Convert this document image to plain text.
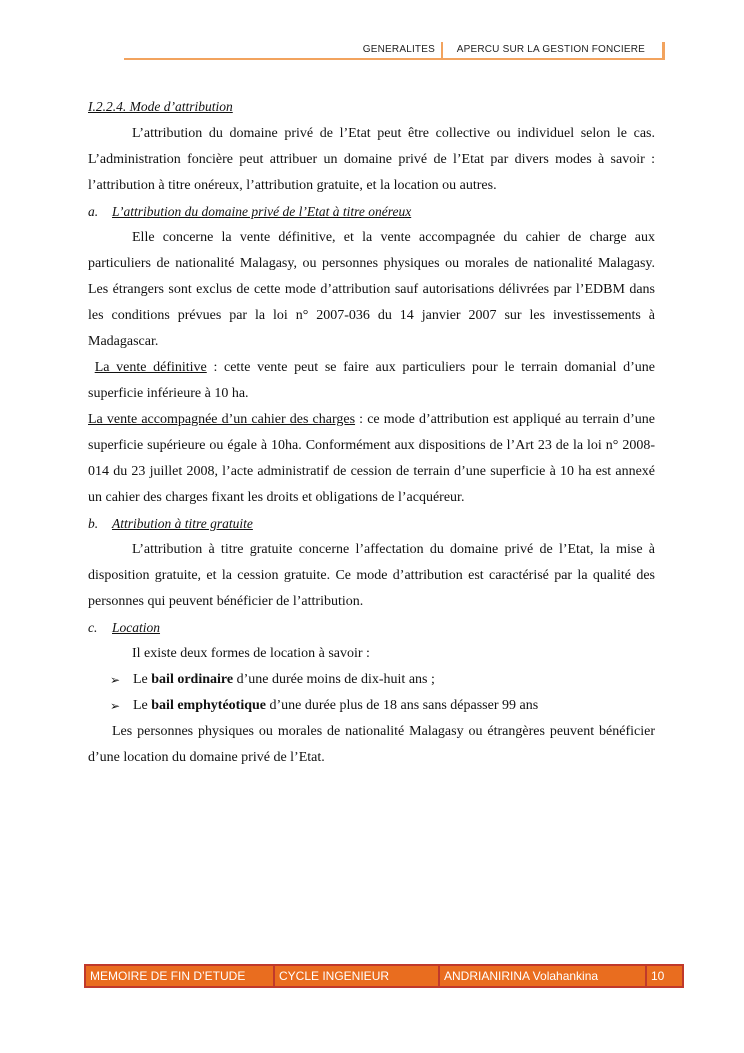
GENERALITES APERCU SUR LA GESTION FONCIERE

I.2.2.4. Mode d’attribution

L’attribution du domaine privé de l’Etat peut être collective ou individuel selon le cas. L’administration foncière peut attribuer un domaine privé de l’Etat par divers modes à savoir : l’attribution à titre onéreux, l’attribution gratuite, et la location ou autres.

a. L’attribution du domaine privé de l’Etat à titre onéreux

Elle concerne la vente définitive, et la vente accompagnée du cahier de charge aux particuliers de nationalité Malagasy, ou personnes physiques ou morales de nationalité Malagasy. Les étrangers sont exclus de cette mode d’attribution sauf autorisations délivrées par l’EDBM dans les conditions prévues par la loi n° 2007-036 du 14 janvier 2007 sur les investissements à Madagascar.

La vente définitive : cette vente peut se faire aux particuliers pour le terrain domanial d’une superficie inférieure à 10 ha.

La vente accompagnée d’un cahier des charges : ce mode d’attribution est appliqué au terrain d’une superficie supérieure ou égale à 10ha. Conformément aux dispositions de l’Art 23 de la loi n° 2008-014 du 23 juillet 2008, l’acte administratif de cession de terrain d’une superficie à 10 ha est annexé un cahier des charges fixant les droits et obligations de l’acquéreur.

b. Attribution à titre gratuite

L’attribution à titre gratuite concerne l’affectation du domaine privé de l’Etat, la mise à disposition gratuite, et la cession gratuite. Ce mode d’attribution est caractérisé par la qualité des personnes qui peuvent bénéficier de l’attribution.

c. Location

Il existe deux formes de location à savoir :

➢ Le bail ordinaire d’une durée moins de dix-huit ans ;
➢ Le bail emphytéotique d’une durée plus de 18 ans sans dépasser 99 ans

Les personnes physiques ou morales de nationalité Malagasy ou étrangères peuvent bénéficier d’une location du domaine privé de l’Etat.

MEMOIRE DE FIN D’ETUDE	CYCLE INGENIEUR	ANDRIANIRINA Volahankina	10
